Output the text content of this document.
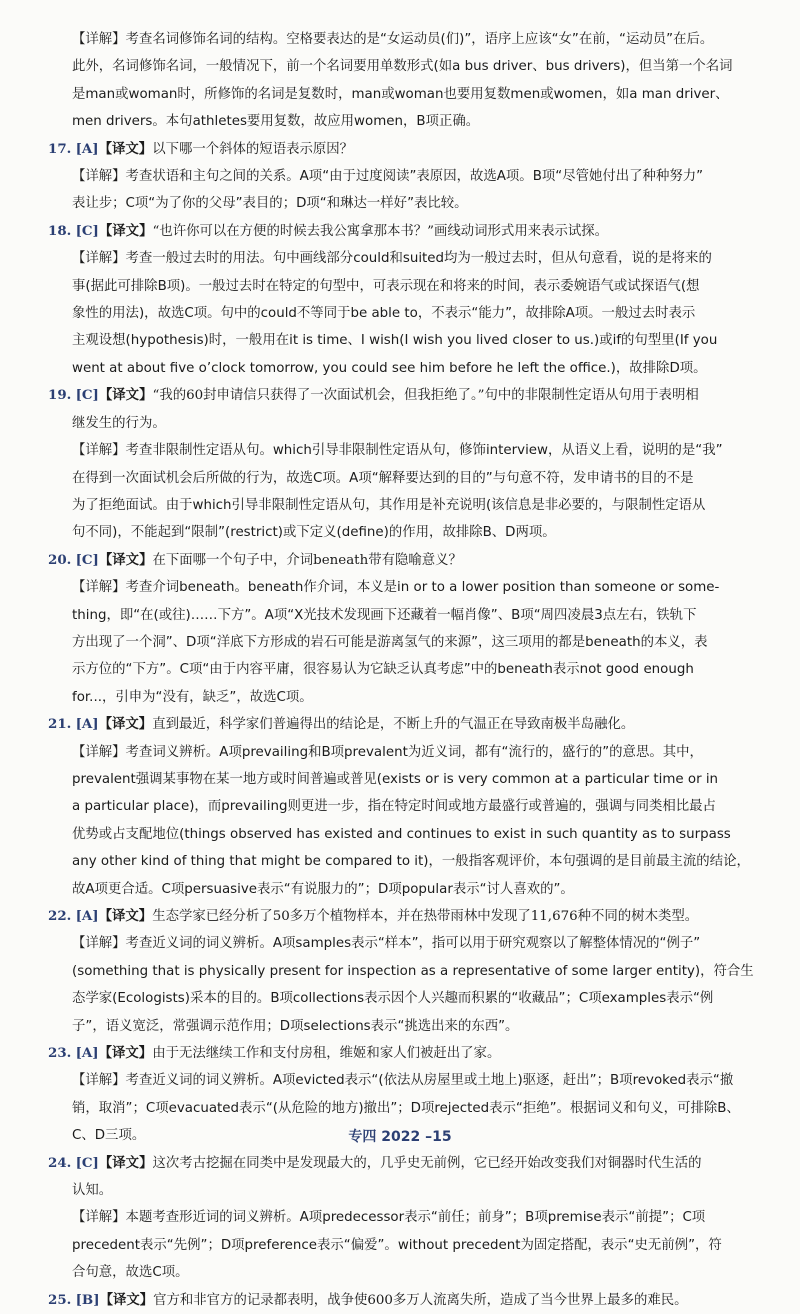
【详解】考查名词修饰名词的结构。空格要表达的是“女运动员(们)”，语序上应该“女”在前，“运动员”在后。
此外，名词修饰名词，一般情况下，前一个名词要用单数形式(如a bus driver、bus drivers)，但当第一个名词
是man或woman时，所修饰的名词是复数时，man或woman也要用复数men或women，如a man driver、
men drivers。本句athletes要用复数，故应用women，B项正确。
17. [A]【译文】以下哪一个斜体的短语表示原因？
【详解】考查状语和主句之间的关系。A项“由于过度阅读”表原因，故选A项。B项“尽管她付出了种种努力”
表让步；C项“为了你的父母”表目的；D项“和琳达一样好”表比较。
18. [C]【译文】“也许你可以在方便的时候去我公寓拿那本书？”画线动词形式用来表示试探。
【详解】考查一般过去时的用法。句中画线部分could和suited均为一般过去时，但从句意看，说的是将来的
事(据此可排除B项)。一般过去时在特定的句型中，可表示现在和将来的时间，表示委婉语气或试探语气(想
象性的用法)，故选C项。句中的could不等同于be able to，不表示“能力”，故排除A项。一般过去时表示
主观设想(hypothesis)时，一般用在it is time、I wish(I wish you lived closer to us.)或if的句型里(If you
went at about five o’clock tomorrow, you could see him before he left the office.)，故排除D项。
19. [C]【译文】“我的60封申请信只获得了一次面试机会，但我拒绝了。”句中的非限制性定语从句用于表明相
继发生的行为。
【详解】考查非限制性定语从句。which引导非限制性定语从句，修饰interview，从语义上看，说明的是“我”
在得到一次面试机会后所做的行为，故选C项。A项“解释要达到的目的”与句意不符，发申请书的目的不是
为了拒绝面试。由于which引导非限制性定语从句，其作用是补充说明(该信息是非必要的，与限制性定语从
句不同)，不能起到“限制”(restrict)或下定义(define)的作用，故排除B、D两项。
20. [C]【译文】在下面哪一个句子中，介词beneath带有隐喻意义？
【详解】考查介词beneath。beneath作介词，本义是in or to a lower position than someone or some-
thing，即“在(或往)……下方”。A项“X光技术发现画下还藏着一幅肖像”、B项“周四凌晨3点左右，铁轨下
方出现了一个洞”、D项“洋底下方形成的岩石可能是游离氢气的来源”，这三项用的都是beneath的本义，表
示方位的“下方”。C项“由于内容平庸，很容易认为它缺乏认真考虑”中的beneath表示not good enough
for...，引申为“没有，缺乏”，故选C项。
21. [A]【译文】直到最近，科学家们普遍得出的结论是，不断上升的气温正在导致南极半岛融化。
【详解】考查词义辨析。A项prevailing和B项prevalent为近义词，都有“流行的，盛行的”的意思。其中，
prevalent强调某事物在某一地方或时间普遍或普见(exists or is very common at a particular time or in
a particular place)，而prevailing则更进一步，指在特定时间或地方最盛行或普遍的，强调与同类相比最占
优势或占支配地位(things observed has existed and continues to exist in such quantity as to surpass
any other kind of thing that might be compared to it)，一般指客观评价，本句强调的是目前最主流的结论，
故A项更合适。C项persuasive表示“有说服力的”；D项popular表示“讨人喜欢的”。
22. [A]【译文】生态学家已经分析了50多万个植物样本，并在热带雨林中发现了11,676种不同的树木类型。
【详解】考查近义词的词义辨析。A项samples表示“样本”，指可以用于研究观察以了解整体情况的“例子”
(something that is physically present for inspection as a representative of some larger entity)，符合生
态学家(Ecologists)采本的目的。B项collections表示因个人兴趣而积累的“收藏品”；C项examples表示“例
子”，语义宽泛，常强调示范作用；D项selections表示“挑选出来的东西”。
23. [A]【译文】由于无法继续工作和支付房租，维姬和家人们被赶出了家。
【详解】考查近义词的词义辨析。A项evicted表示“(依法从房屋里或土地上)驱逐，赶出”；B项revoked表示“撤
销，取消”；C项evacuated表示“(从危险的地方)撤出”；D项rejected表示“拒绝”。根据词义和句义，可排除B、
C、D三项。
24. [C]【译文】这次考古挖掘在同类中是发现最大的，几乎史无前例，它已经开始改变我们对铜器时代生活的
认知。
【详解】本题考查形近词的词义辨析。A项predecessor表示“前任；前身”；B项premise表示“前提”；C项
precedent表示“先例”；D项preference表示“偏爱”。without precedent为固定搭配，表示“史无前例”，符
合句意，故选C项。
25. [B]【译文】官方和非官方的记录都表明，战争使600多万人流离失所，造成了当今世界上最多的难民。
专四 2022 –15
